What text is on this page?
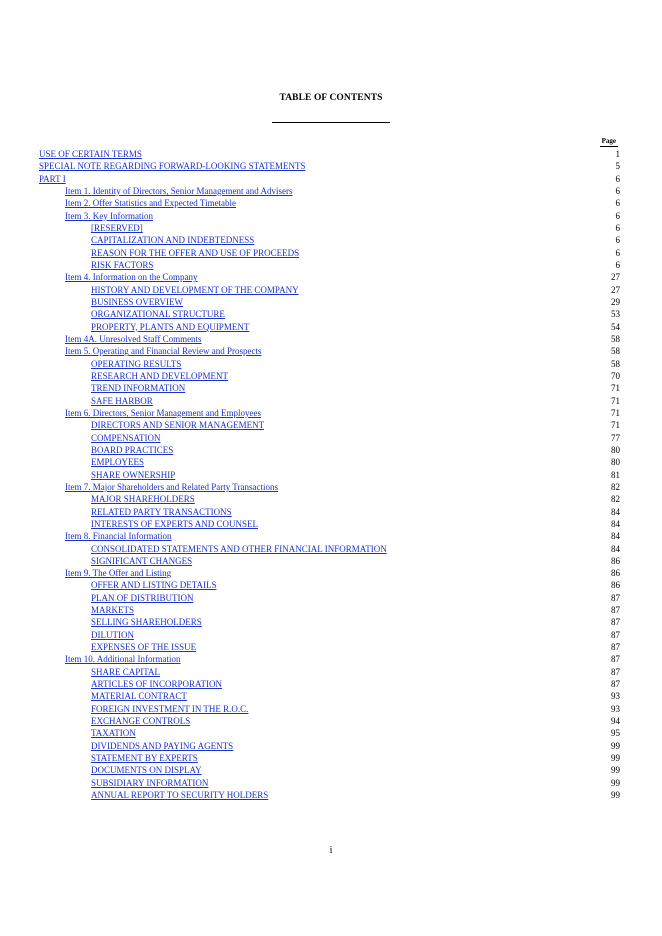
TABLE OF CONTENTS
Page
USE OF CERTAIN TERMS	1
SPECIAL NOTE REGARDING FORWARD-LOOKING STATEMENTS	5
PART I	6
Item 1. Identity of Directors, Senior Management and Advisers	6
Item 2. Offer Statistics and Expected Timetable	6
Item 3. Key Information	6
[RESERVED]	6
CAPITALIZATION AND INDEBTEDNESS	6
REASON FOR THE OFFER AND USE OF PROCEEDS	6
RISK FACTORS	6
Item 4. Information on the Company	27
HISTORY AND DEVELOPMENT OF THE COMPANY	27
BUSINESS OVERVIEW	29
ORGANIZATIONAL STRUCTURE	53
PROPERTY, PLANTS AND EQUIPMENT	54
Item 4A. Unresolved Staff Comments	58
Item 5. Operating and Financial Review and Prospects	58
OPERATING RESULTS	58
RESEARCH AND DEVELOPMENT	70
TREND INFORMATION	71
SAFE HARBOR	71
Item 6. Directors, Senior Management and Employees	71
DIRECTORS AND SENIOR MANAGEMENT	71
COMPENSATION	77
BOARD PRACTICES	80
EMPLOYEES	80
SHARE OWNERSHIP	81
Item 7. Major Shareholders and Related Party Transactions	82
MAJOR SHAREHOLDERS	82
RELATED PARTY TRANSACTIONS	84
INTERESTS OF EXPERTS AND COUNSEL	84
Item 8. Financial Information	84
CONSOLIDATED STATEMENTS AND OTHER FINANCIAL INFORMATION	84
SIGNIFICANT CHANGES	86
Item 9. The Offer and Listing	86
OFFER AND LISTING DETAILS	86
PLAN OF DISTRIBUTION	87
MARKETS	87
SELLING SHAREHOLDERS	87
DILUTION	87
EXPENSES OF THE ISSUE	87
Item 10. Additional Information	87
SHARE CAPITAL	87
ARTICLES OF INCORPORATION	87
MATERIAL CONTRACT	93
FOREIGN INVESTMENT IN THE R.O.C.	93
EXCHANGE CONTROLS	94
TAXATION	95
DIVIDENDS AND PAYING AGENTS	99
STATEMENT BY EXPERTS	99
DOCUMENTS ON DISPLAY	99
SUBSIDIARY INFORMATION	99
ANNUAL REPORT TO SECURITY HOLDERS	99
i
